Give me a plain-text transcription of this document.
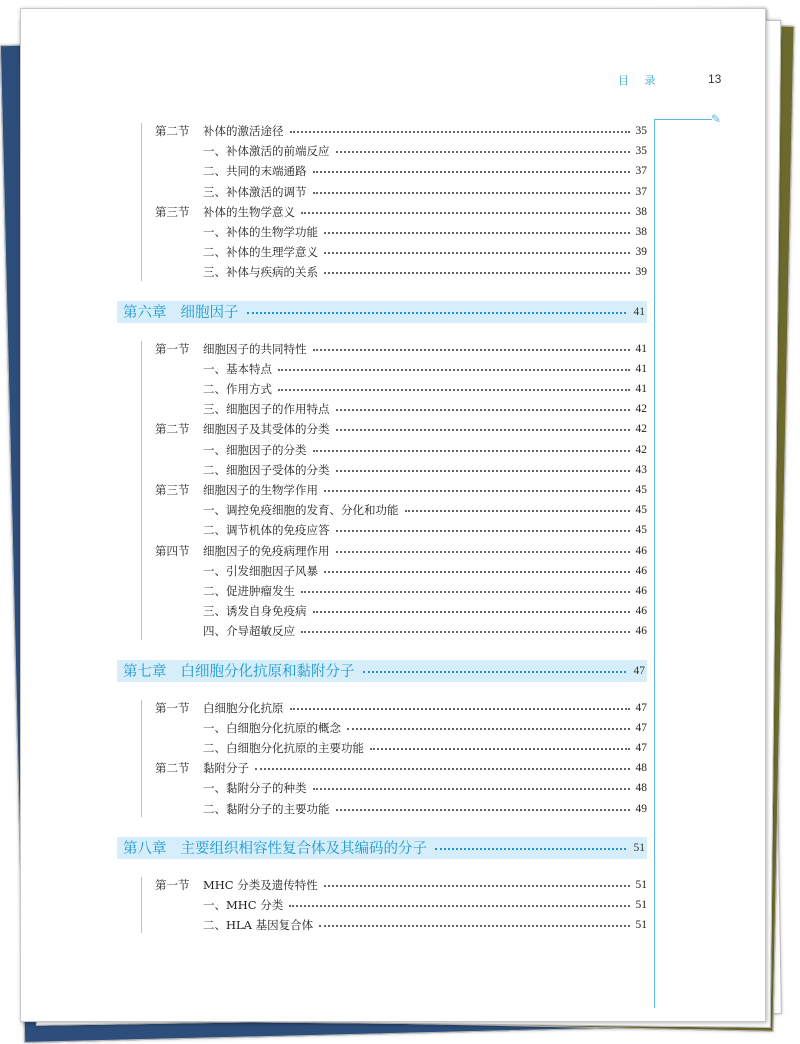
目 录	13
✎
第二节	补体的激活途径	35
一、补体激活的前端反应	35
二、共同的末端通路	37
三、补体激活的调节	37
第三节	补体的生物学意义	38
一、补体的生物学功能	38
二、补体的生理学意义	39
三、补体与疾病的关系	39
第六章 细胞因子	41
第一节	细胞因子的共同特性	41
一、基本特点	41
二、作用方式	41
三、细胞因子的作用特点	42
第二节	细胞因子及其受体的分类	42
一、细胞因子的分类	42
二、细胞因子受体的分类	43
第三节	细胞因子的生物学作用	45
一、调控免疫细胞的发育、分化和功能	45
二、调节机体的免疫应答	45
第四节	细胞因子的免疫病理作用	46
一、引发细胞因子风暴	46
二、促进肿瘤发生	46
三、诱发自身免疫病	46
四、介导超敏反应	46
第七章 白细胞分化抗原和黏附分子	47
第一节	白细胞分化抗原	47
一、白细胞分化抗原的概念	47
二、白细胞分化抗原的主要功能	47
第二节	黏附分子	48
一、黏附分子的种类	48
二、黏附分子的主要功能	49
第八章 主要组织相容性复合体及其编码的分子	51
第一节	MHC 分类及遗传特性	51
一、MHC 分类	51
二、HLA 基因复合体	51
